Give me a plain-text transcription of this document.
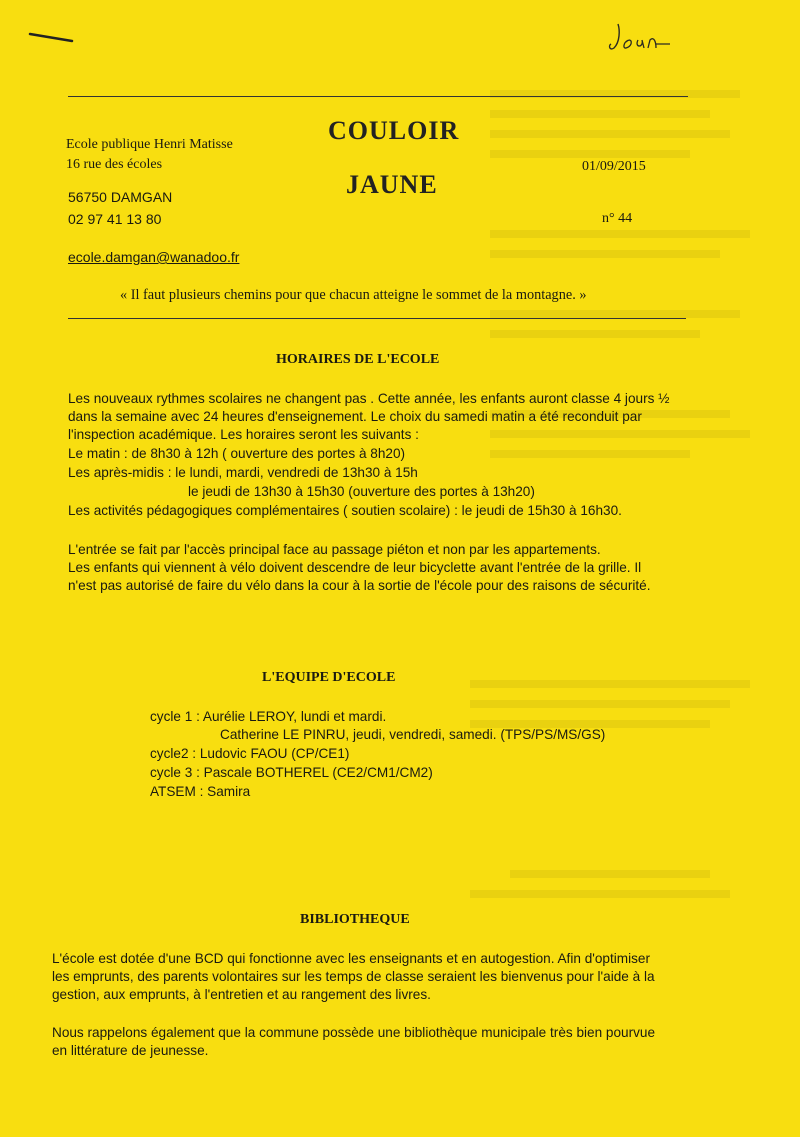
Ecole publique Henri Matisse
16 rue des écoles
56750 DAMGAN
02 97 41 13 80
ecole.damgan@wanadoo.fr
COULOIR
JAUNE
01/09/2015
n° 44
« Il faut plusieurs chemins pour que chacun atteigne le sommet de la montagne. »
HORAIRES DE L'ECOLE
Les nouveaux rythmes scolaires ne changent pas . Cette année, les enfants auront classe 4 jours ½
dans la semaine avec 24 heures d'enseignement. Le choix du samedi matin a été reconduit par
l'inspection académique. Les horaires seront les suivants :
Le matin : de 8h30 à 12h ( ouverture des portes à 8h20)
Les après-midis : le lundi, mardi, vendredi de 13h30 à 15h
le jeudi de 13h30 à 15h30 (ouverture des portes à 13h20)
Les activités pédagogiques complémentaires ( soutien scolaire) : le jeudi de 15h30 à 16h30.
L'entrée se fait par l'accès principal face au passage piéton et non par les appartements.
Les enfants qui viennent à vélo doivent descendre de leur bicyclette avant l'entrée de la grille. Il
n'est pas autorisé de faire du vélo dans la cour à la sortie de l'école pour des raisons de sécurité.
L'EQUIPE D'ECOLE
cycle 1 : Aurélie LEROY, lundi et mardi.
Catherine LE PINRU, jeudi, vendredi, samedi. (TPS/PS/MS/GS)
cycle2 : Ludovic FAOU (CP/CE1)
cycle 3 : Pascale BOTHEREL (CE2/CM1/CM2)
ATSEM : Samira
BIBLIOTHEQUE
L'école est dotée d'une BCD qui fonctionne avec les enseignants et en autogestion. Afin d'optimiser
les emprunts, des parents volontaires sur les temps de classe seraient les bienvenus pour l'aide à la
gestion, aux emprunts, à l'entretien et au rangement des livres.
Nous rappelons également que la commune possède une bibliothèque municipale très bien pourvue
en littérature de jeunesse.
